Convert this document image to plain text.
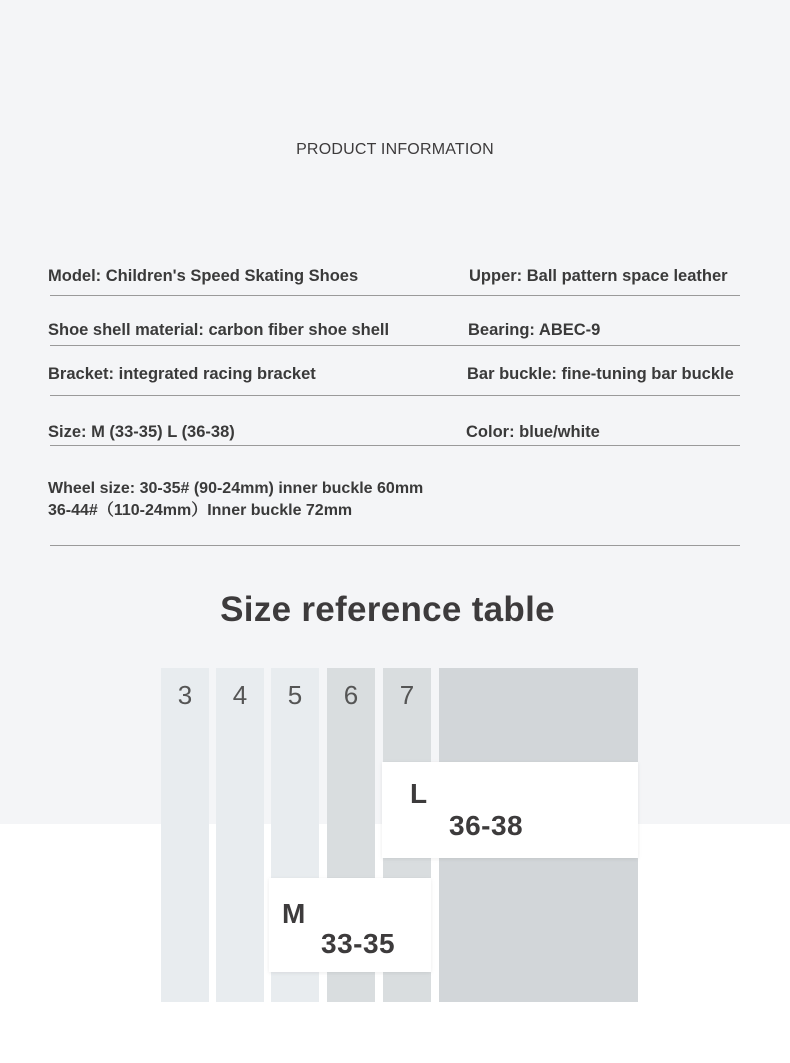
PRODUCT INFORMATION
Model: Children's Speed Skating Shoes	Upper: Ball pattern space leather
Shoe shell material: carbon fiber shoe shell	Bearing: ABEC-9
Bracket: integrated racing bracket	Bar buckle: fine-tuning bar buckle
Size: M (33-35) L (36-38)	Color: blue/white
Wheel size: 30-35# (90-24mm) inner buckle 60mm
36-44#（110-24mm）Inner buckle 72mm
Size reference table
3	4	5	6	7
L
36-38
M
33-35
